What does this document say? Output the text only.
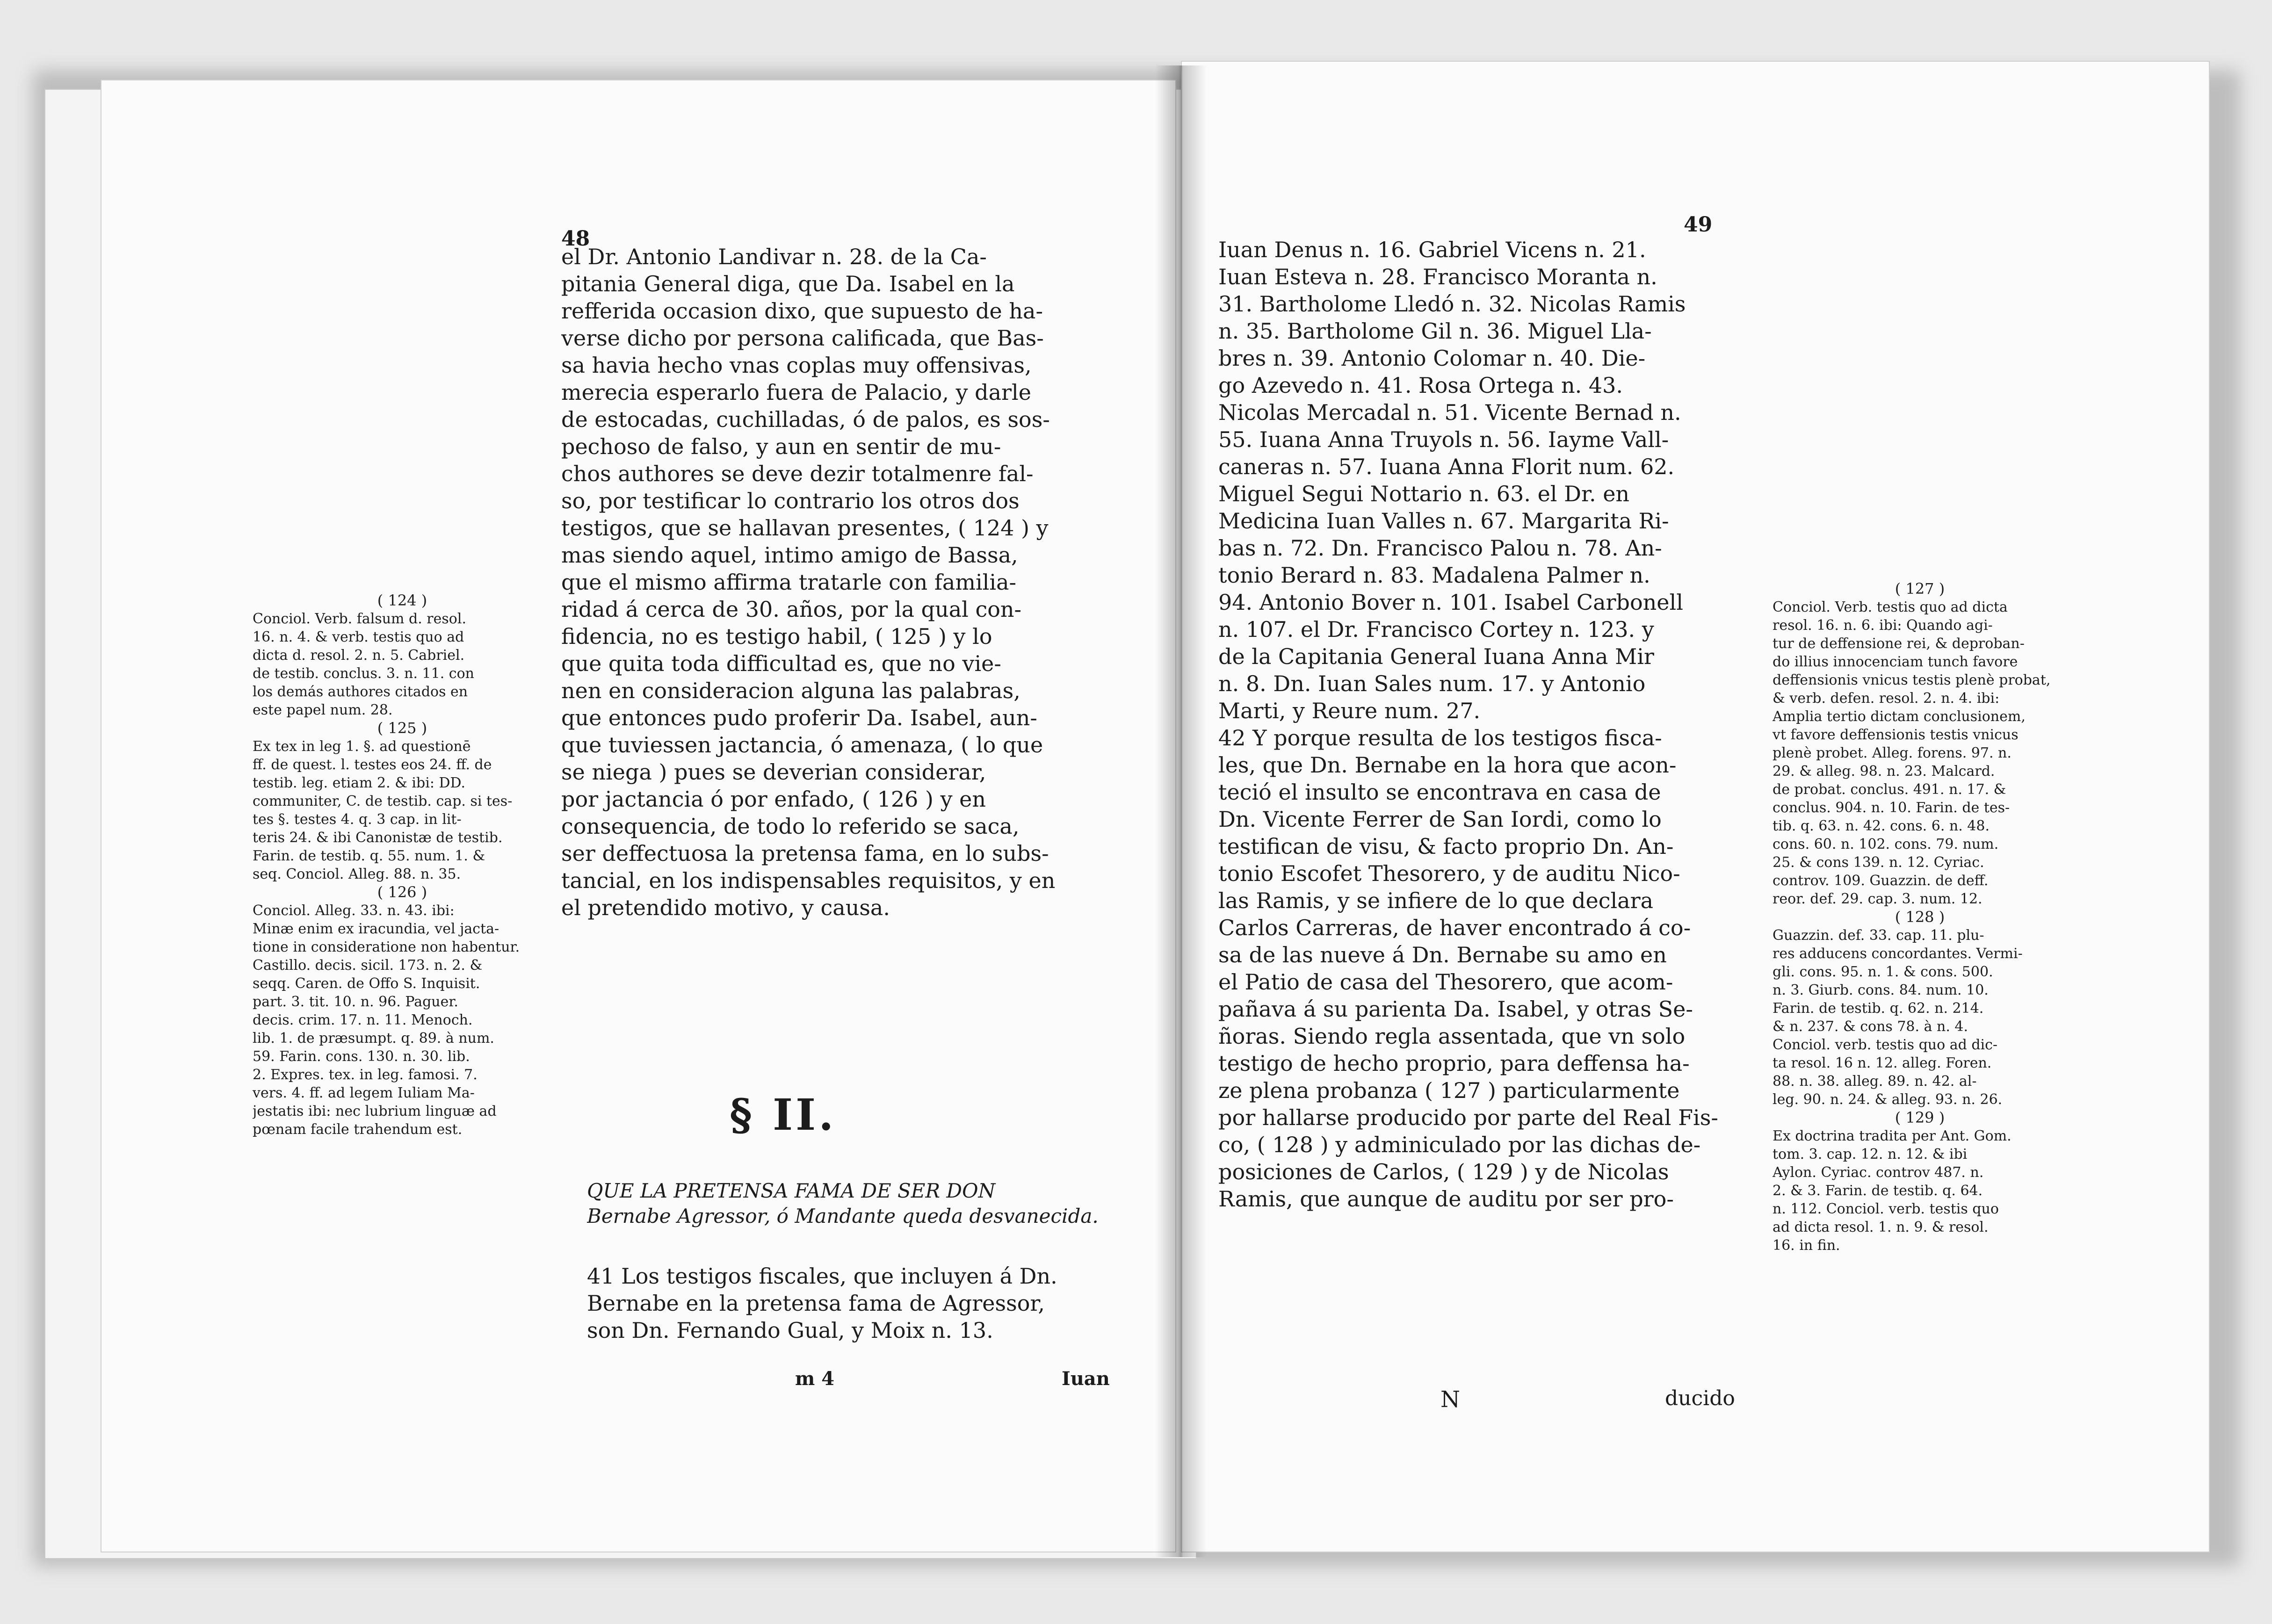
48
el Dr. Antonio Landivar n. 28. de la Ca-
pitania General diga, que Da. Isabel en la
refferida occasion dixo, que supuesto de ha-
verse dicho por persona calificada, que Bas-
sa havia hecho vnas coplas muy offensivas,
merecia esperarlo fuera de Palacio, y darle
de estocadas, cuchilladas, ó de palos, es sos-
pechoso de falso, y aun en sentir de mu-
chos authores se deve dezir totalmenre fal-
so, por testificar lo contrario los otros dos
testigos, que se hallavan presentes, ( 124 ) y
mas siendo aquel, intimo amigo de Bassa,
que el mismo affirma tratarle con familia-
ridad á cerca de 30. años, por la qual con-
fidencia, no es testigo habil, ( 125 ) y lo
que quita toda difficultad es, que no vie-
nen en consideracion alguna las palabras,
que entonces pudo proferir Da. Isabel, aun-
que tuviessen jactancia, ó amenaza, ( lo que
se niega ) pues se deverian considerar,
por jactancia ó por enfado, ( 126 ) y en
consequencia, de todo lo referido se saca,
ser deffectuosa la pretensa fama, en lo subs-
tancial, en los indispensables requisitos, y en
el pretendido motivo, y causa.
( 124 )
Conciol. Verb. falsum d. resol.
16. n. 4. & verb. testis quo ad
dicta d. resol. 2. n. 5. Cabriel.
de testib. conclus. 3. n. 11. con
los demás authores citados en
este papel num. 28.
( 125 )
Ex tex in leg 1. §. ad questionē
ff. de quest. l. testes eos 24. ff. de
testib. leg. etiam 2. & ibi: DD.
communiter, C. de testib. cap. si tes-
tes §. testes 4. q. 3 cap. in lit-
teris 24. & ibi Canonistæ de testib.
Farin. de testib. q. 55. num. 1. &
seq. Conciol. Alleg. 88. n. 35.
( 126 )
Conciol. Alleg. 33. n. 43. ibi:
Minæ enim ex iracundia, vel jacta-
tione in consideratione non habentur.
Castillo. decis. sicil. 173. n. 2. &
seqq. Caren. de Offo S. Inquisit.
part. 3. tit. 10. n. 96. Paguer.
decis. crim. 17. n. 11. Menoch.
lib. 1. de præsumpt. q. 89. à num.
59. Farin. cons. 130. n. 30. lib.
2. Expres. tex. in leg. famosi. 7.
vers. 4. ff. ad legem Iuliam Ma-
jestatis ibi: nec lubrium linguæ ad
pœnam facile trahendum est.	§ II.
QUE LA PRETENSA FAMA DE SER DON
Bernabe Agressor, ó Mandante queda desvanecida.
41 Los testigos fiscales, que incluyen á Dn.
Bernabe en la pretensa fama de Agressor,
son Dn. Fernando Gual, y Moix n. 13.
m 4	Iuan
49
Iuan Denus n. 16. Gabriel Vicens n. 21.
Iuan Esteva n. 28. Francisco Moranta n.
31. Bartholome Lledó n. 32. Nicolas Ramis
n. 35. Bartholome Gil n. 36. Miguel Lla-
bres n. 39. Antonio Colomar n. 40. Die-
go Azevedo n. 41. Rosa Ortega n. 43.
Nicolas Mercadal n. 51. Vicente Bernad n.
55. Iuana Anna Truyols n. 56. Iayme Vall-
caneras n. 57. Iuana Anna Florit num. 62.
Miguel Segui Nottario n. 63. el Dr. en
Medicina Iuan Valles n. 67. Margarita Ri-
bas n. 72. Dn. Francisco Palou n. 78. An-
tonio Berard n. 83. Madalena Palmer n.
94. Antonio Bover n. 101. Isabel Carbonell
n. 107. el Dr. Francisco Cortey n. 123. y
de la Capitania General Iuana Anna Mir
n. 8. Dn. Iuan Sales num. 17. y Antonio
Marti, y Reure num. 27.
42 Y porque resulta de los testigos fisca-
les, que Dn. Bernabe en la hora que acon-
teció el insulto se encontrava en casa de
Dn. Vicente Ferrer de San Iordi, como lo
testifican de visu, & facto proprio Dn. An-
tonio Escofet Thesorero, y de auditu Nico-
las Ramis, y se infiere de lo que declara
Carlos Carreras, de haver encontrado á co-
sa de las nueve á Dn. Bernabe su amo en
el Patio de casa del Thesorero, que acom-
pañava á su parienta Da. Isabel, y otras Se-
ñoras. Siendo regla assentada, que vn solo
testigo de hecho proprio, para deffensa ha-
ze plena probanza ( 127 ) particularmente
por hallarse producido por parte del Real Fis-
co, ( 128 ) y adminiculado por las dichas de-
posiciones de Carlos, ( 129 ) y de Nicolas
Ramis, que aunque de auditu por ser pro-
( 127 )
Conciol. Verb. testis quo ad dicta
resol. 16. n. 6. ibi: Quando agi-
tur de deffensione rei, & deproban-
do illius innocenciam tunch favore
deffensionis vnicus testis plenè probat,
& verb. defen. resol. 2. n. 4. ibi:
Amplia tertio dictam conclusionem,
vt favore deffensionis testis vnicus
plenè probet. Alleg. forens. 97. n.
29. & alleg. 98. n. 23. Malcard.
de probat. conclus. 491. n. 17. &
conclus. 904. n. 10. Farin. de tes-
tib. q. 63. n. 42. cons. 6. n. 48.
cons. 60. n. 102. cons. 79. num.
25. & cons 139. n. 12. Cyriac.
controv. 109. Guazzin. de deff.
reor. def. 29. cap. 3. num. 12.
( 128 )
Guazzin. def. 33. cap. 11. plu-
res adducens concordantes. Vermi-
gli. cons. 95. n. 1. & cons. 500.
n. 3. Giurb. cons. 84. num. 10.
Farin. de testib. q. 62. n. 214.
& n. 237. & cons 78. à n. 4.
Conciol. verb. testis quo ad dic-
ta resol. 16 n. 12. alleg. Foren.
88. n. 38. alleg. 89. n. 42. al-
leg. 90. n. 24. & alleg. 93. n. 26.
( 129 )
Ex doctrina tradita per Ant. Gom.
tom. 3. cap. 12. n. 12. & ibi
Aylon. Cyriac. controv 487. n.
2. & 3. Farin. de testib. q. 64.
n. 112. Conciol. verb. testis quo
ad dicta resol. 1. n. 9. & resol.
16. in fin.
N	ducido
